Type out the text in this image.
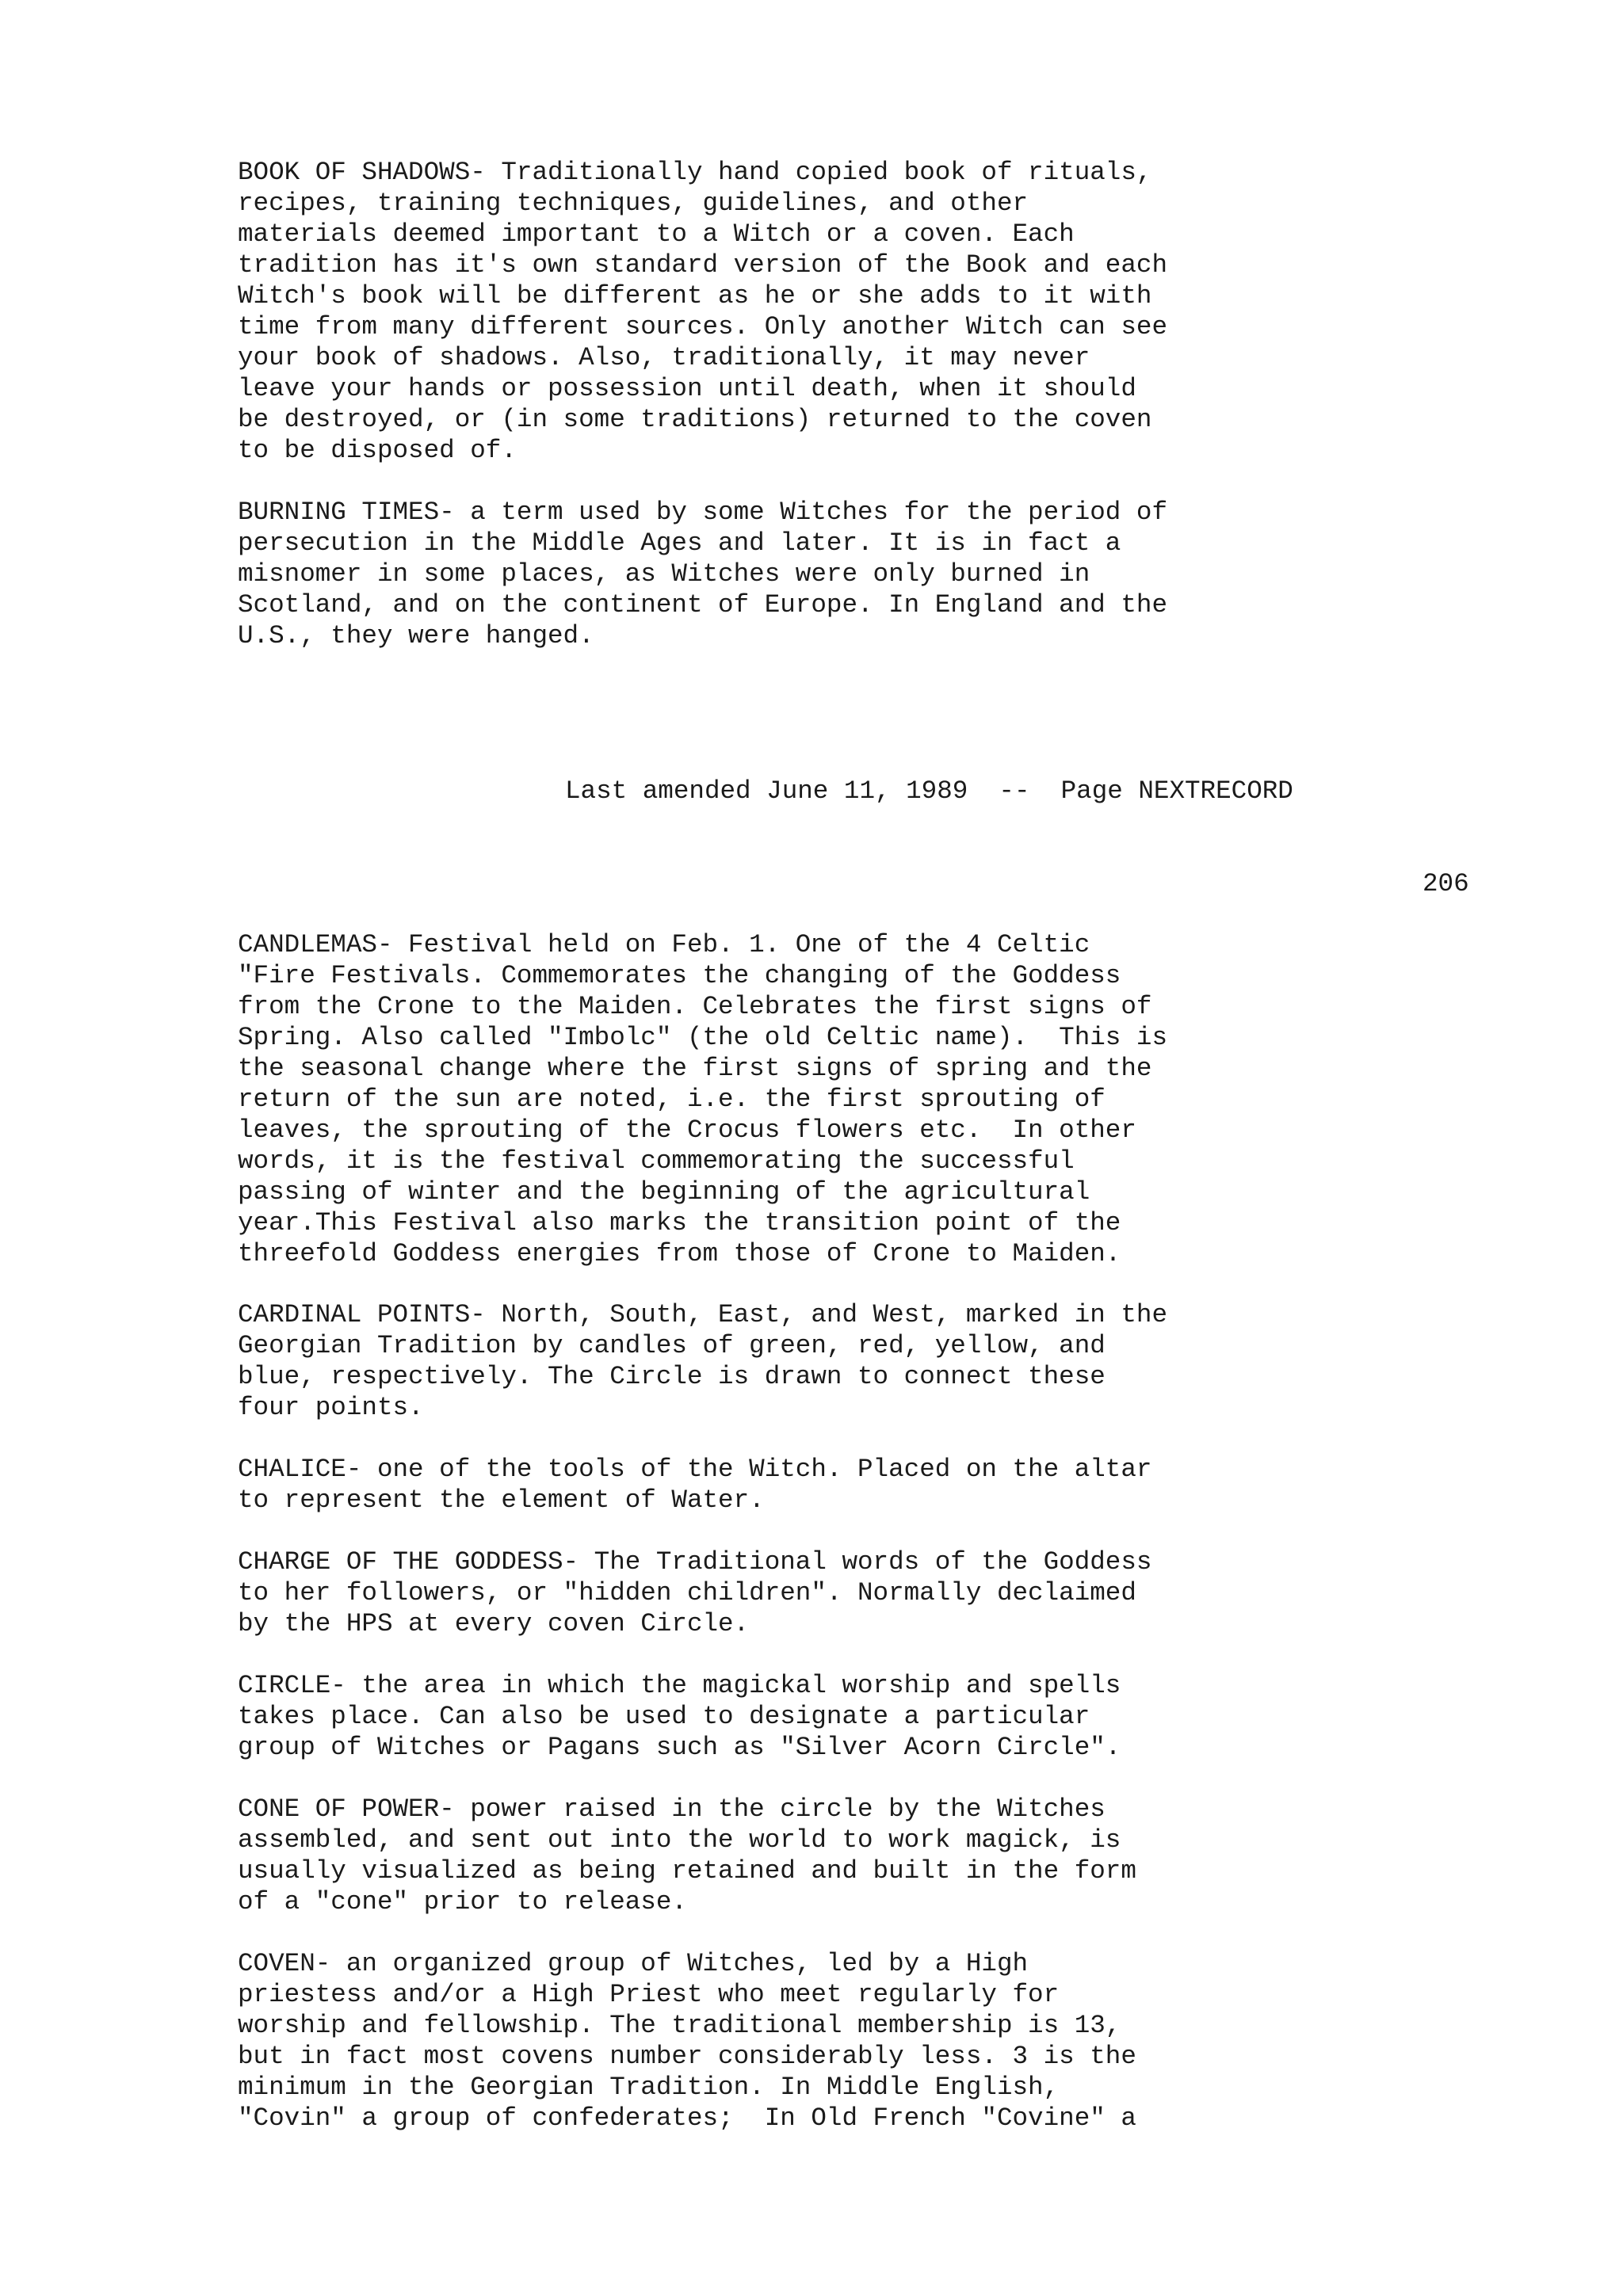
BOOK OF SHADOWS- Traditionally hand copied book of rituals,
recipes, training techniques, guidelines, and other
materials deemed important to a Witch or a coven. Each
tradition has it's own standard version of the Book and each
Witch's book will be different as he or she adds to it with
time from many different sources. Only another Witch can see
your book of shadows. Also, traditionally, it may never
leave your hands or possession until death, when it should
be destroyed, or (in some traditions) returned to the coven
to be disposed of.

BURNING TIMES- a term used by some Witches for the period of
persecution in the Middle Ages and later. It is in fact a
misnomer in some places, as Witches were only burned in
Scotland, and on the continent of Europe. In England and the
U.S., they were hanged.

Last amended June 11, 1989  --  Page NEXTRECORD

206

CANDLEMAS- Festival held on Feb. 1. One of the 4 Celtic
"Fire Festivals. Commemorates the changing of the Goddess
from the Crone to the Maiden. Celebrates the first signs of
Spring. Also called "Imbolc" (the old Celtic name).  This is
the seasonal change where the first signs of spring and the
return of the sun are noted, i.e. the first sprouting of
leaves, the sprouting of the Crocus flowers etc.  In other
words, it is the festival commemorating the successful
passing of winter and the beginning of the agricultural
year.This Festival also marks the transition point of the
threefold Goddess energies from those of Crone to Maiden.

CARDINAL POINTS- North, South, East, and West, marked in the
Georgian Tradition by candles of green, red, yellow, and
blue, respectively. The Circle is drawn to connect these
four points.

CHALICE- one of the tools of the Witch. Placed on the altar
to represent the element of Water.

CHARGE OF THE GODDESS- The Traditional words of the Goddess
to her followers, or "hidden children". Normally declaimed
by the HPS at every coven Circle.

CIRCLE- the area in which the magickal worship and spells
takes place. Can also be used to designate a particular
group of Witches or Pagans such as "Silver Acorn Circle".

CONE OF POWER- power raised in the circle by the Witches
assembled, and sent out into the world to work magick, is
usually visualized as being retained and built in the form
of a "cone" prior to release.

COVEN- an organized group of Witches, led by a High
priestess and/or a High Priest who meet regularly for
worship and fellowship. The traditional membership is 13,
but in fact most covens number considerably less. 3 is the
minimum in the Georgian Tradition. In Middle English,
"Covin" a group of confederates;  In Old French "Covine" a
